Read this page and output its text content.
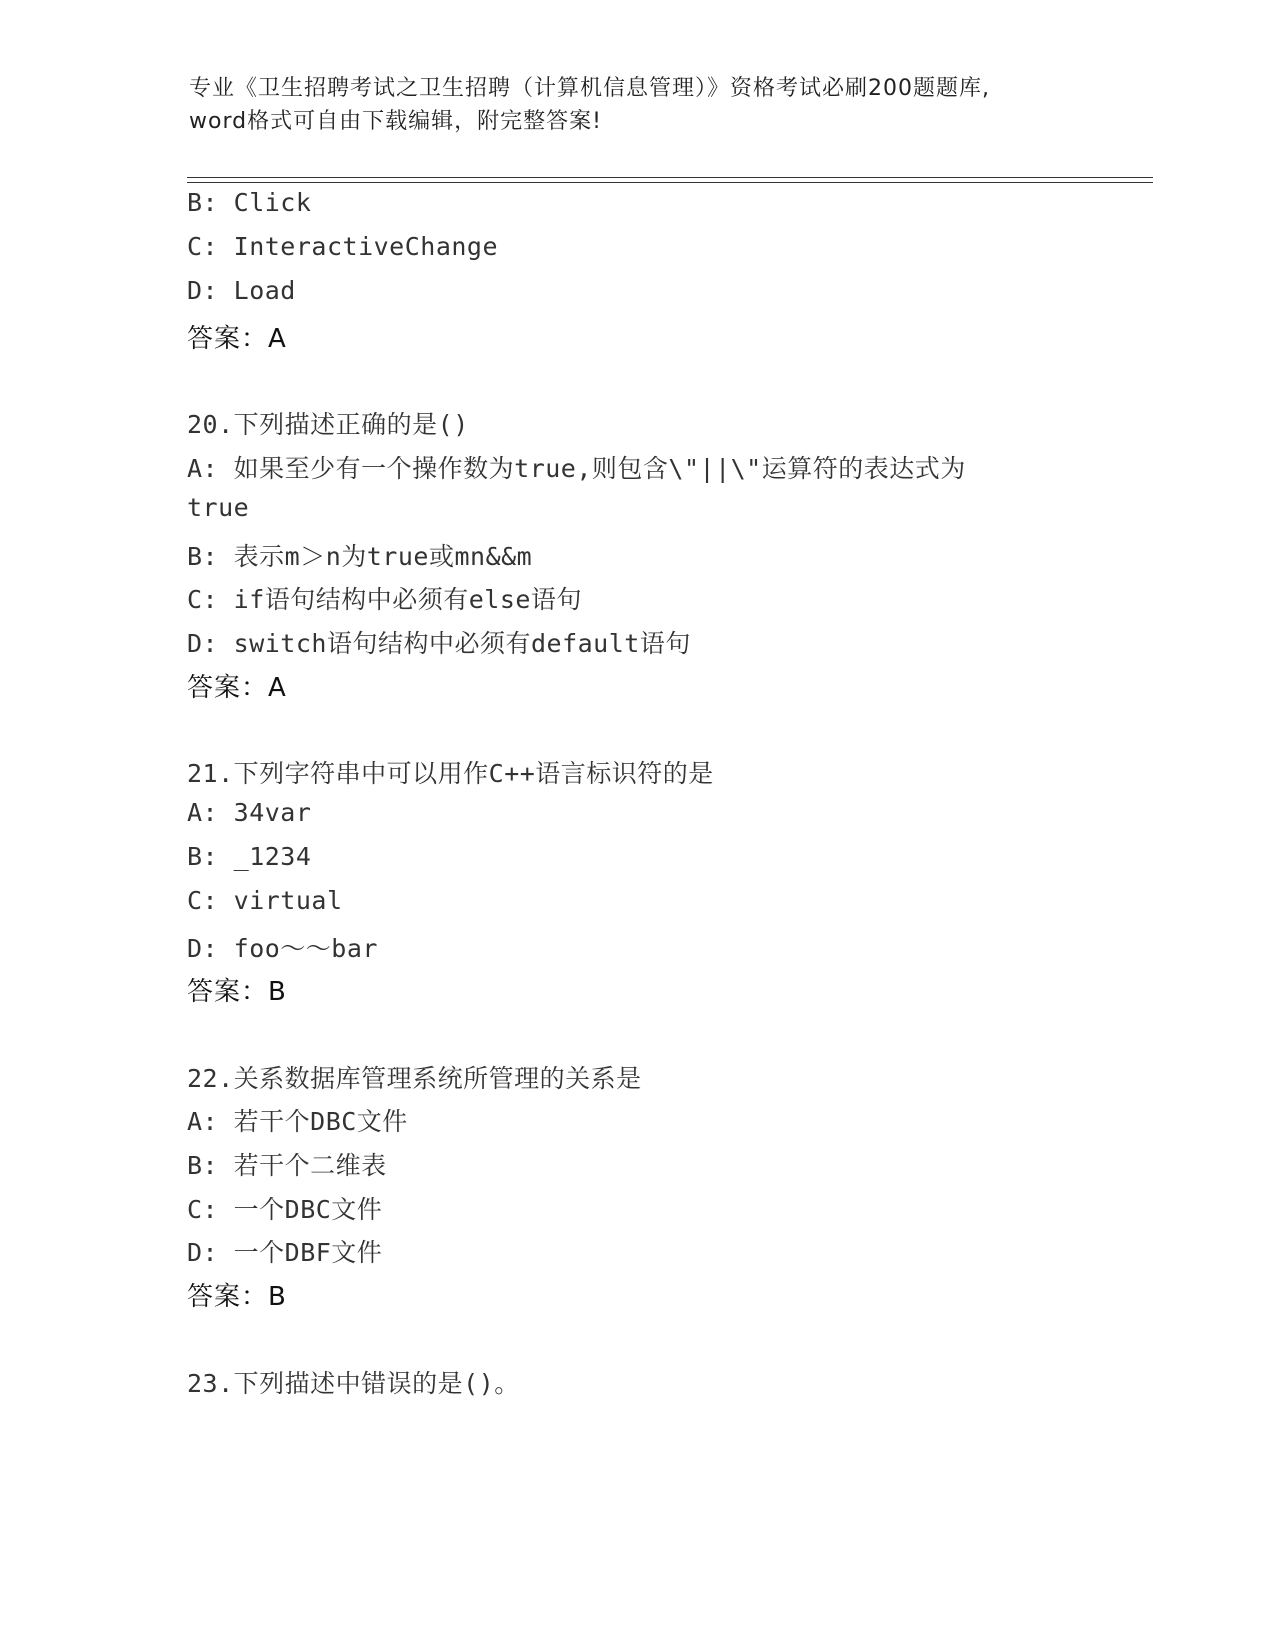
专业《卫生招聘考试之卫生招聘（计算机信息管理）》资格考试必刷200题题库,
word格式可自由下载编辑，附完整答案!
B: Click
C: InteractiveChange
D: Load
答案：A
20.下列描述正确的是()
A: 如果至少有一个操作数为true,则包含\"||\"运算符的表达式为
true
B: 表示m＞n为true或mn&&m
C: if语句结构中必须有else语句
D: switch语句结构中必须有default语句
答案：A
21.下列字符串中可以用作C++语言标识符的是
A: 34var
B: _1234
C: virtual
D: foo～～bar
答案：B
22.关系数据库管理系统所管理的关系是
A: 若干个DBC文件
B: 若干个二维表
C: 一个DBC文件
D: 一个DBF文件
答案：B
23.下列描述中错误的是()。
